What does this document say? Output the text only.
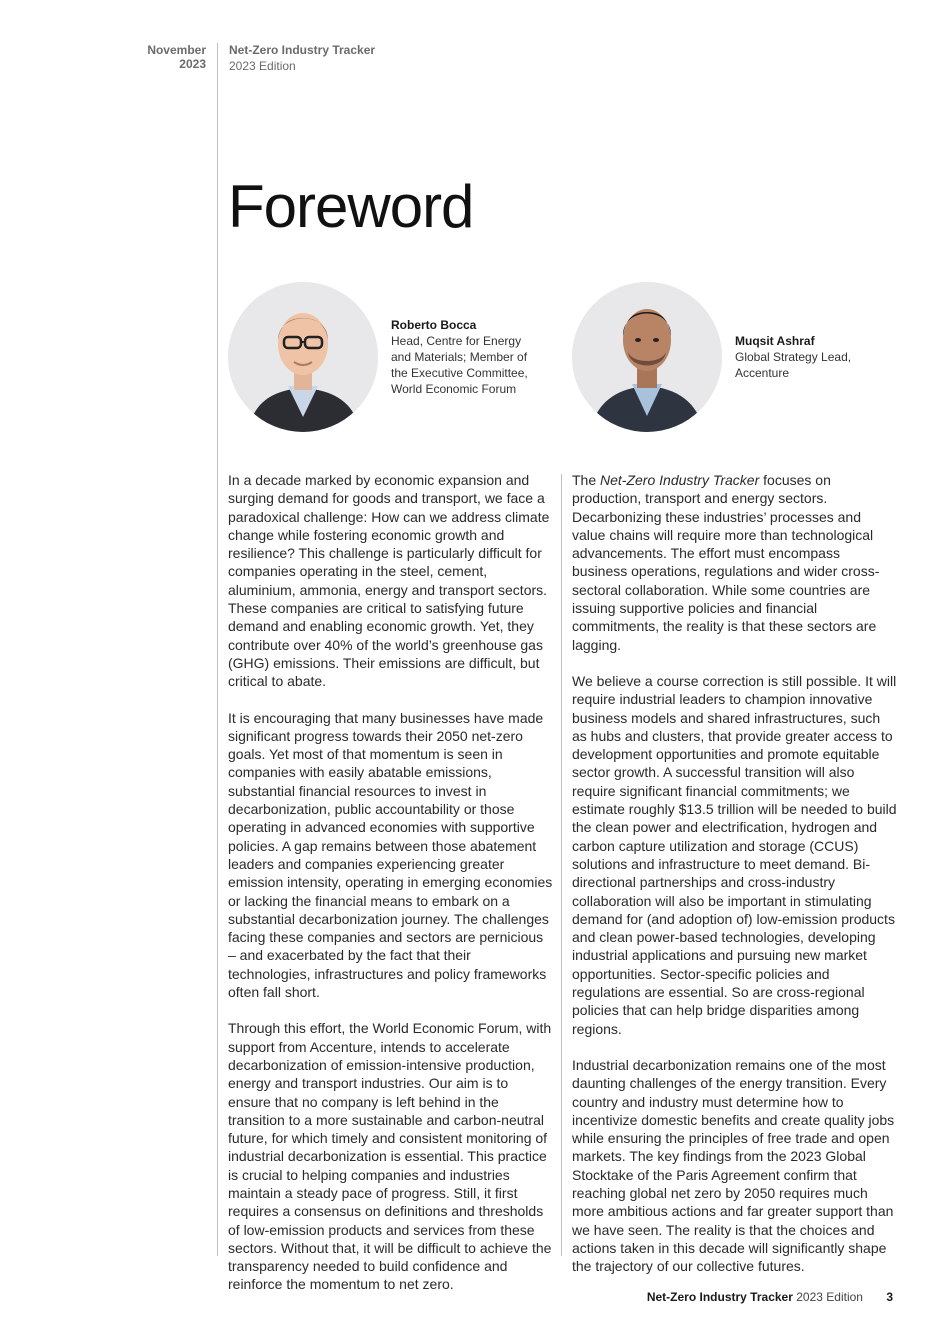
November 2023
Net-Zero Industry Tracker
2023 Edition
Foreword
Roberto Bocca
Head, Centre for Energy
and Materials; Member of
the Executive Committee,
World Economic Forum
Muqsit Ashraf
Global Strategy Lead,
Accenture

In a decade marked by economic expansion and surging demand for goods and transport, we face a paradoxical challenge: How can we address climate change while fostering economic growth and resilience? This challenge is particularly difficult for companies operating in the steel, cement, aluminium, ammonia, energy and transport sectors. These companies are critical to satisfying future demand and enabling economic growth. Yet, they contribute over 40% of the world’s greenhouse gas (GHG) emissions. Their emissions are difficult, but critical to abate.

It is encouraging that many businesses have made significant progress towards their 2050 net-zero goals. Yet most of that momentum is seen in companies with easily abatable emissions, substantial financial resources to invest in decarbonization, public accountability or those operating in advanced economies with supportive policies. A gap remains between those abatement leaders and companies experiencing greater emission intensity, operating in emerging economies or lacking the financial means to embark on a substantial decarbonization journey. The challenges facing these companies and sectors are pernicious – and exacerbated by the fact that their technologies, infrastructures and policy frameworks often fall short.

Through this effort, the World Economic Forum, with support from Accenture, intends to accelerate decarbonization of emission-intensive production, energy and transport industries. Our aim is to ensure that no company is left behind in the transition to a more sustainable and carbon-neutral future, for which timely and consistent monitoring of industrial decarbonization is essential. This practice is crucial to helping companies and industries maintain a steady pace of progress. Still, it first requires a consensus on definitions and thresholds of low-emission products and services from these sectors. Without that, it will be difficult to achieve the transparency needed to build confidence and reinforce the momentum to net zero.

The Net-Zero Industry Tracker focuses on production, transport and energy sectors. Decarbonizing these industries’ processes and value chains will require more than technological advancements. The effort must encompass business operations, regulations and wider cross-sectoral collaboration. While some countries are issuing supportive policies and financial commitments, the reality is that these sectors are lagging.

We believe a course correction is still possible. It will require industrial leaders to champion innovative business models and shared infrastructures, such as hubs and clusters, that provide greater access to development opportunities and promote equitable sector growth. A successful transition will also require significant financial commitments; we estimate roughly $13.5 trillion will be needed to build the clean power and electrification, hydrogen and carbon capture utilization and storage (CCUS) solutions and infrastructure to meet demand. Bi-directional partnerships and cross-industry collaboration will also be important in stimulating demand for (and adoption of) low-emission products and clean power-based technologies, developing industrial applications and pursuing new market opportunities. Sector-specific policies and regulations are essential. So are cross-regional policies that can help bridge disparities among regions.

Industrial decarbonization remains one of the most daunting challenges of the energy transition. Every country and industry must determine how to incentivize domestic benefits and create quality jobs while ensuring the principles of free trade and open markets. The key findings from the 2023 Global Stocktake of the Paris Agreement confirm that reaching global net zero by 2050 requires much more ambitious actions and far greater support than we have seen. The reality is that the choices and actions taken in this decade will significantly shape the trajectory of our collective futures.

Net-Zero Industry Tracker 2023 Edition 3
